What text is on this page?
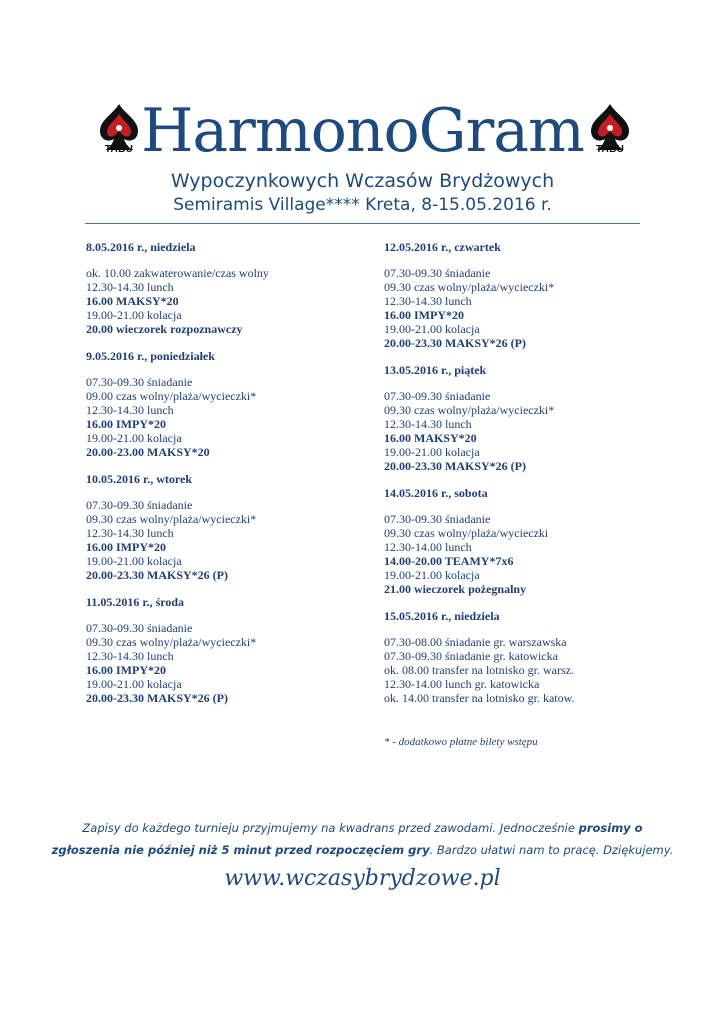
TABU HarmonoGram	TABU
Wypoczynkowych Wczasów Brydżowych
Semiramis Village**** Kreta, 8-15.05.2016 r.
8.05.2016 r., niedziela
ok. 10.00 zakwaterowanie/czas wolny
12.30-14.30 lunch
16.00 MAKSY*20
19.00-21.00 kolacja
20.00 wieczorek rozpoznawczy
9.05.2016 r., poniedziałek
07.30-09.30 śniadanie
09.00 czas wolny/plaża/wycieczki*
12.30-14.30 lunch
16.00 IMPY*20
19.00-21.00 kolacja
20.00-23.00 MAKSY*20
10.05.2016 r., wtorek
07.30-09.30 śniadanie
09.30 czas wolny/plaża/wycieczki*
12.30-14.30 lunch
16.00 IMPY*20
19.00-21.00 kolacja
20.00-23.30 MAKSY*26 (P)
11.05.2016 r., środa
07.30-09.30 śniadanie
09.30 czas wolny/plaża/wycieczki*
12.30-14.30 lunch
16.00 IMPY*20
19.00-21.00 kolacja
20.00-23.30 MAKSY*26 (P)
12.05.2016 r., czwartek
07.30-09.30 śniadanie
09.30 czas wolny/plaża/wycieczki*
12.30-14.30 lunch
16.00 IMPY*20
19.00-21.00 kolacja
20.00-23.30 MAKSY*26 (P)
13.05.2016 r., piątek
07.30-09.30 śniadanie
09.30 czas wolny/plaża/wycieczki*
12.30-14.30 lunch
16.00 MAKSY*20
19.00-21.00 kolacja
20.00-23.30 MAKSY*26 (P)
14.05.2016 r., sobota
07.30-09.30 śniadanie
09.30 czas wolny/plaża/wycieczki
12.30-14.00 lunch
14.00-20.00 TEAMY*7x6
19.00-21.00 kolacja
21.00 wieczorek pożegnalny
15.05.2016 r., niedziela
07.30-08.00 śniadanie gr. warszawska
07.30-09.30 śniadanie gr. katowicka
ok. 08.00 transfer na lotnisko gr. warsz.
12.30-14.00 lunch gr. katowicka
ok. 14.00 transfer na lotnisko gr. katow.
* - dodatkowo płatne bilety wstępu
Zapisy do każdego turnieju przyjmujemy na kwadrans przed zawodami. Jednocześnie prosimy o zgłoszenia nie później niż 5 minut przed rozpoczęciem gry. Bardzo ułatwi nam to pracę. Dziękujemy.
www.wczasybrydzowe.pl
